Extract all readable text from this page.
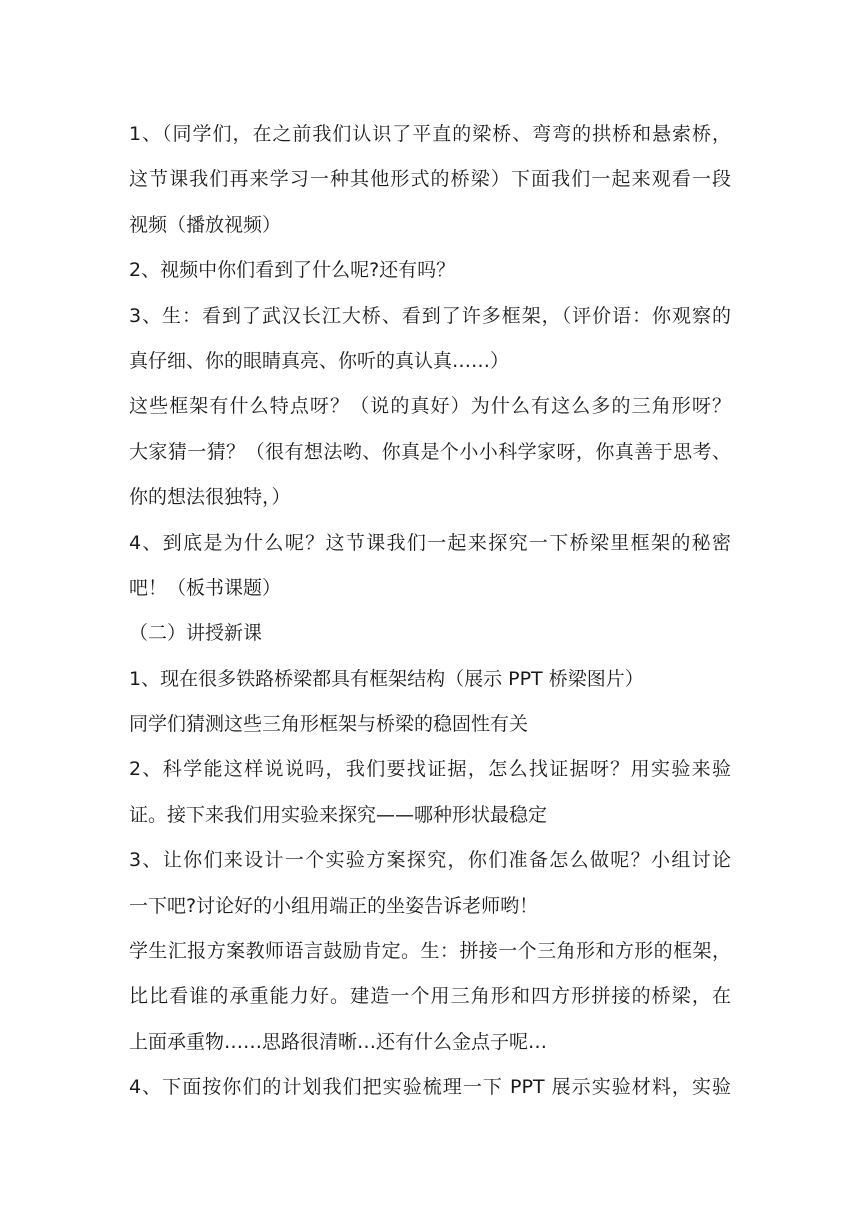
1、（同学们，在之前我们认识了平直的梁桥、弯弯的拱桥和悬索桥，
这节课我们再来学习一种其他形式的桥梁）下面我们一起来观看一段
视频（播放视频）
2、视频中你们看到了什么呢?还有吗？
3、生：看到了武汉长江大桥、看到了许多框架，（评价语：你观察的
真仔细、你的眼睛真亮、你听的真认真……）
这些框架有什么特点呀？（说的真好）为什么有这么多的三角形呀？
大家猜一猜？（很有想法哟、你真是个小小科学家呀，你真善于思考、
你的想法很独特，）
4、到底是为什么呢？这节课我们一起来探究一下桥梁里框架的秘密
吧！（板书课题）
（二）讲授新课
1、现在很多铁路桥梁都具有框架结构（展示 PPT 桥梁图片）
同学们猜测这些三角形框架与桥梁的稳固性有关
2、科学能这样说说吗，我们要找证据，怎么找证据呀？用实验来验
证。接下来我们用实验来探究——哪种形状最稳定
3、让你们来设计一个实验方案探究，你们准备怎么做呢？小组讨论
一下吧?讨论好的小组用端正的坐姿告诉老师哟！
学生汇报方案教师语言鼓励肯定。生：拼接一个三角形和方形的框架，
比比看谁的承重能力好。建造一个用三角形和四方形拼接的桥梁，在
上面承重物……思路很清晰…还有什么金点子呢…
4、下面按你们的计划我们把实验梳理一下 PPT 展示实验材料，实验
